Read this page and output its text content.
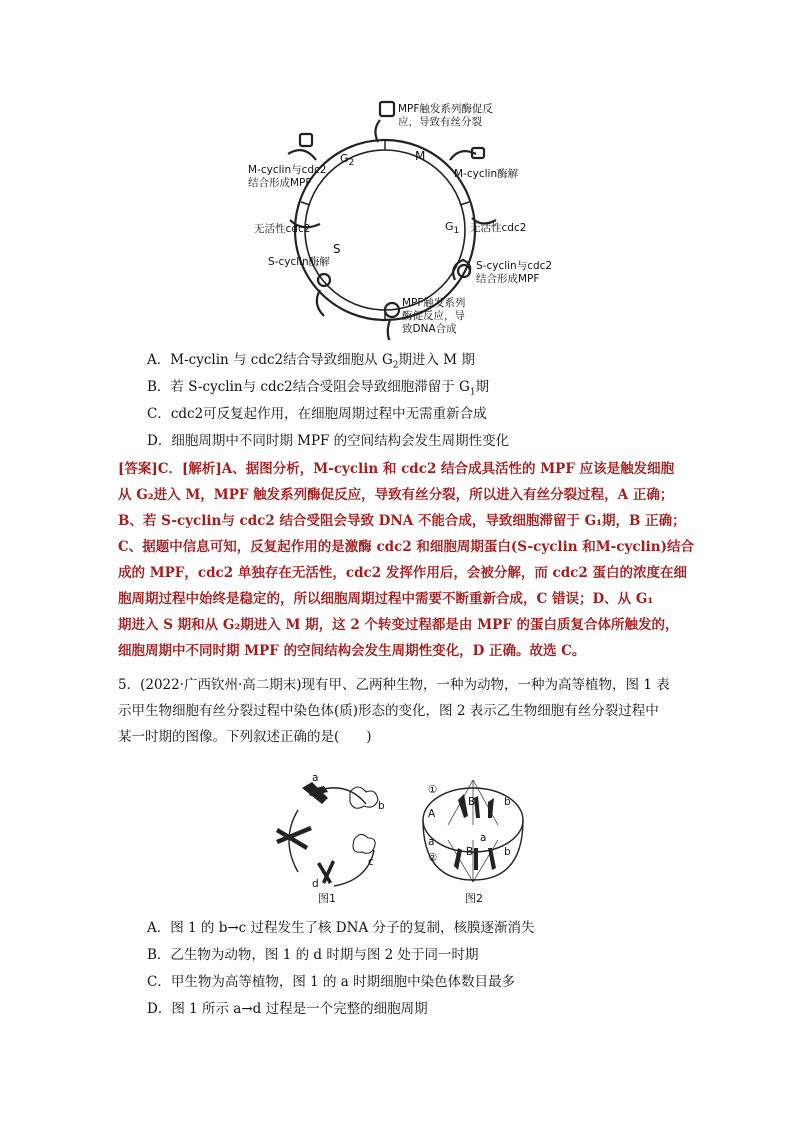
M
$G_2$
$G_1$
S
MPF触发系列酶促反
应，导致有丝分裂
M-cyclin酶解
无活性cdc2
S-cyclin与cdc2
结合形成MPF
MPF触发系列
酶促反应，导
致DNA合成
S-cyclin酶解
无活性cdc2
M-cyclin与cdc2
结合形成MPF
A．M-cyclin 与 cdc2结合导致细胞从 $G_2$期进入 M 期
B．若 S-cyclin与 cdc2结合受阻会导致细胞滞留于 $G_1$期
C．cdc2可反复起作用，在细胞周期过程中无需重新合成
D．细胞周期中不同时期 MPF 的空间结构会发生周期性变化

[答案]C．[解析]A、据图分析，M-cyclin 和 cdc2 结合成具活性的 MPF 应该是触发细胞

从 G₂进入 M，MPF 触发系列酶促反应，导致有丝分裂，所以进入有丝分裂过程，A 正确；

B、若 S-cyclin与 cdc2 结合受阻会导致 DNA 不能合成，导致细胞滞留于 G₁期，B 正确；

C、据题中信息可知，反复起作用的是激酶 cdc2 和细胞周期蛋白(S-cyclin 和M-cyclin)结合

成的 MPF，cdc2 单独存在无活性，cdc2 发挥作用后，会被分解，而 cdc2 蛋白的浓度在细

胞周期过程中始终是稳定的，所以细胞周期过程中需要不断重新合成，C 错误；D、从 G₁

期进入 S 期和从 G₂期进入 M 期，这 2 个转变过程都是由 MPF 的蛋白质复合体所触发的，

细胞周期中不同时期 MPF 的空间结构会发生周期性变化，D 正确。故选 C。

5．(2022·广西钦州·高二期末)现有甲、乙两种生物，一种为动物，一种为高等植物，图 1 表

示甲生物细胞有丝分裂过程中染色体(质)形态的变化，图 2 表示乙生物细胞有丝分裂过程中

某一时期的图像。下列叙述正确的是(　　)

a
b
c
d
①
A
B	b
a
②	B
a
b
图1	图2
A．图 1 的 b→c 过程发生了核 DNA 分子的复制，核膜逐渐消失
B．乙生物为动物，图 1 的 d 时期与图 2 处于同一时期
C．甲生物为高等植物，图 1 的 a 时期细胞中染色体数目最多
D．图 1 所示 a→d 过程是一个完整的细胞周期
